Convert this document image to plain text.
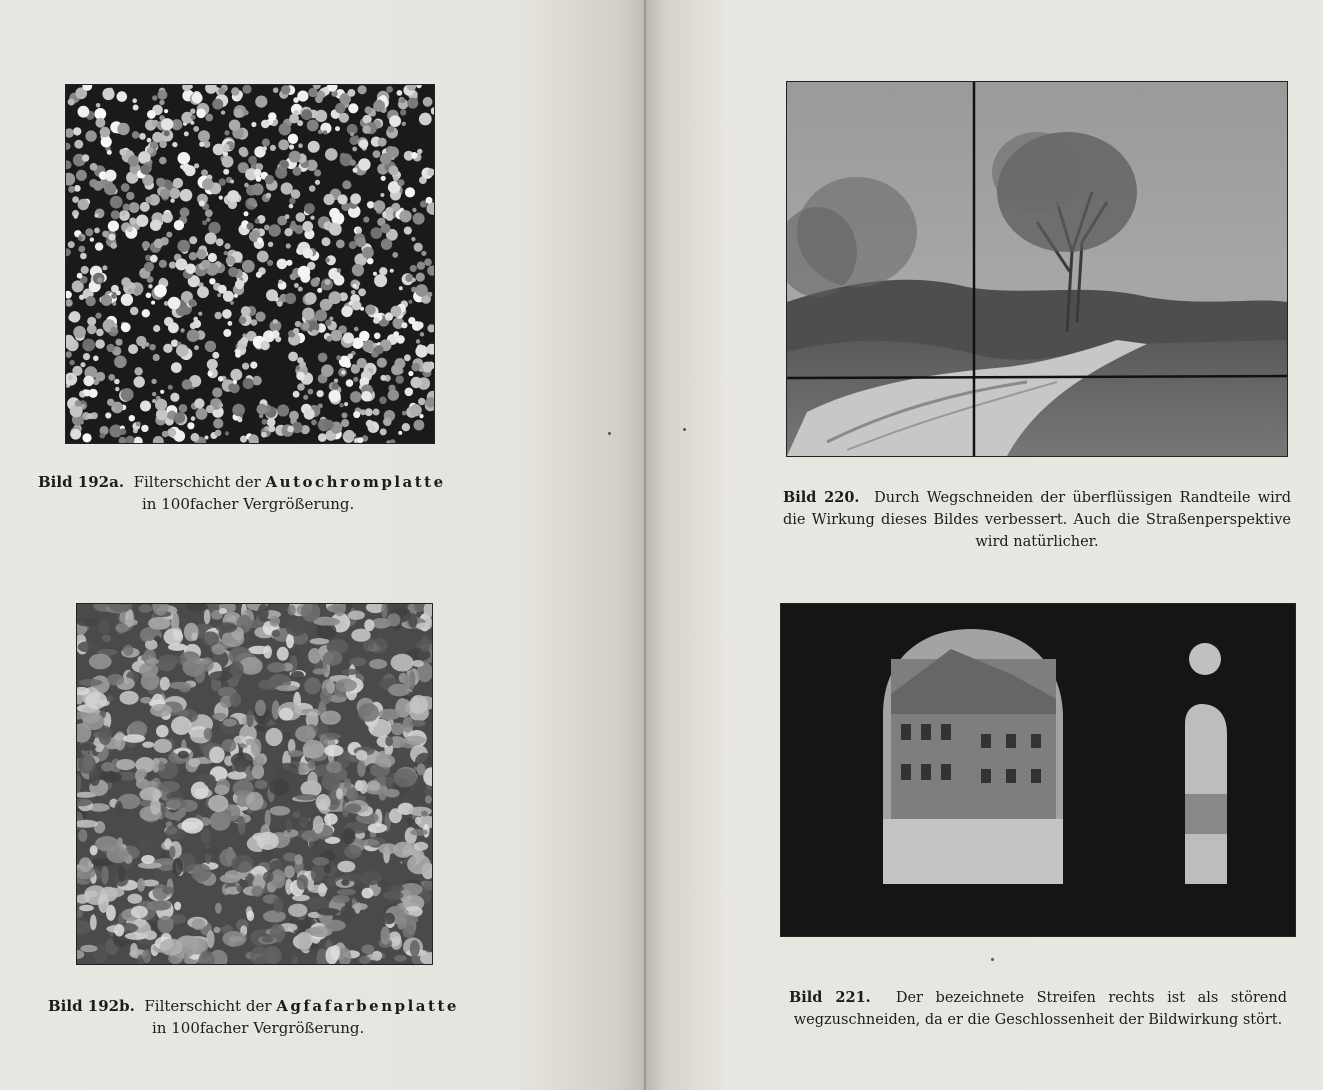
Bild 192a. Filterschicht der Autochromplatte
in 100facher Vergrößerung.
Bild 192b. Filterschicht der Agfafarbenplatte
in 100facher Vergrößerung.
Bild 220. Durch Wegschneiden der überflüssigen Randteile wird die Wirkung dieses Bildes verbessert. Auch die Straßenperspektive wird natürlicher.
Bild 221. Der bezeichnete Streifen rechts ist als störend wegzuschneiden, da er die Geschlossenheit der Bildwirkung stört.
